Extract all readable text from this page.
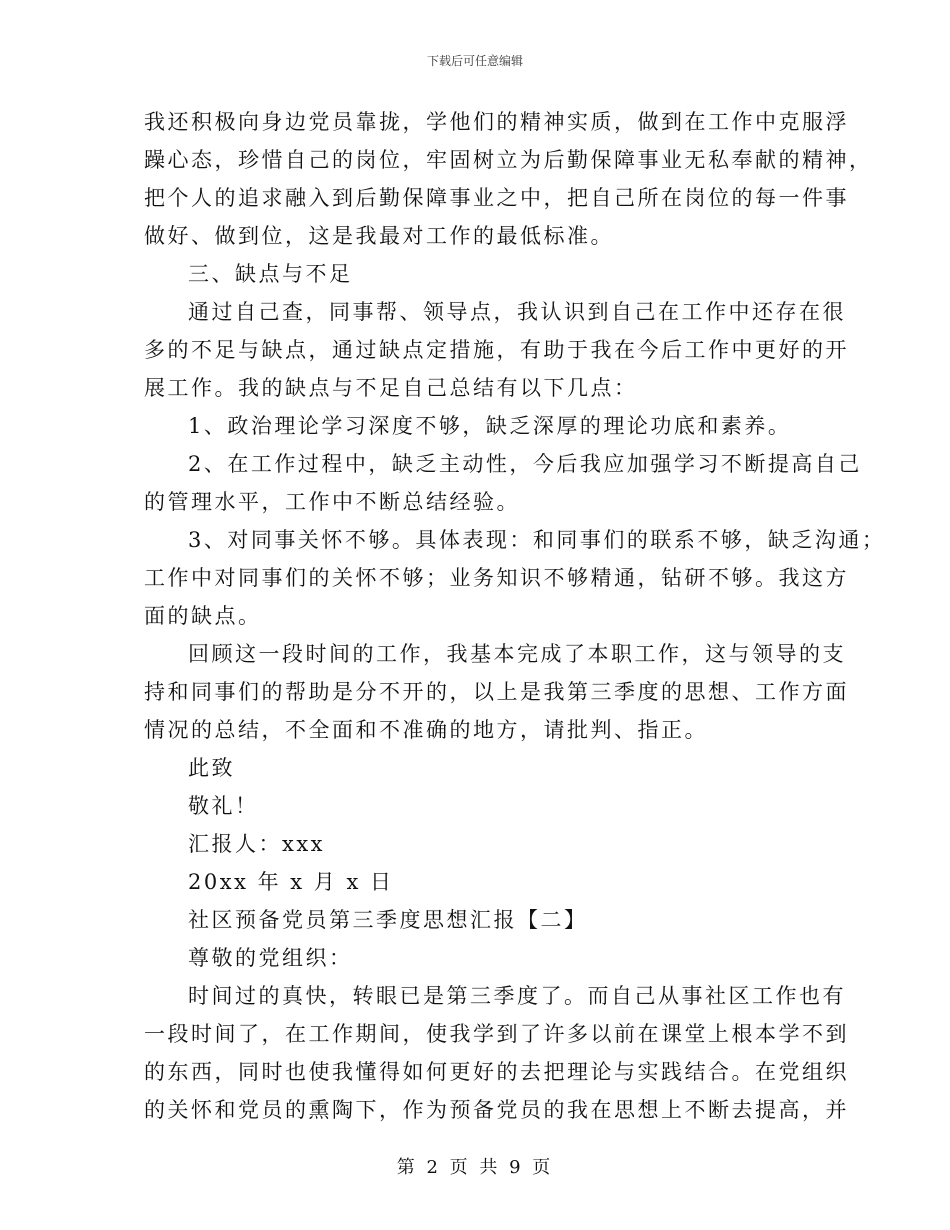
下载后可任意编辑
我还积极向身边党员靠拢，学他们的精神实质，做到在工作中克服浮
躁心态，珍惜自己的岗位，牢固树立为后勤保障事业无私奉献的精神，
把个人的追求融入到后勤保障事业之中，把自己所在岗位的每一件事
做好、做到位，这是我最对工作的最低标准。
三、缺点与不足
通过自己查，同事帮、领导点，我认识到自己在工作中还存在很
多的不足与缺点，通过缺点定措施，有助于我在今后工作中更好的开
展工作。我的缺点与不足自己总结有以下几点：
1、政治理论学习深度不够，缺乏深厚的理论功底和素养。
2、在工作过程中，缺乏主动性，今后我应加强学习不断提高自己
的管理水平，工作中不断总结经验。
3、对同事关怀不够。具体表现：和同事们的联系不够，缺乏沟通；
工作中对同事们的关怀不够；业务知识不够精通，钻研不够。我这方
面的缺点。
回顾这一段时间的工作，我基本完成了本职工作，这与领导的支
持和同事们的帮助是分不开的，以上是我第三季度的思想、工作方面
情况的总结，不全面和不准确的地方，请批判、指正。
此致
敬礼！
汇报人：xxx
20xx 年 x 月 x 日
社区预备党员第三季度思想汇报【二】
尊敬的党组织：
时间过的真快，转眼已是第三季度了。而自己从事社区工作也有
一段时间了，在工作期间，使我学到了许多以前在课堂上根本学不到
的东西，同时也使我懂得如何更好的去把理论与实践结合。在党组织
的关怀和党员的熏陶下，作为预备党员的我在思想上不断去提高，并
第 2 页 共 9 页
